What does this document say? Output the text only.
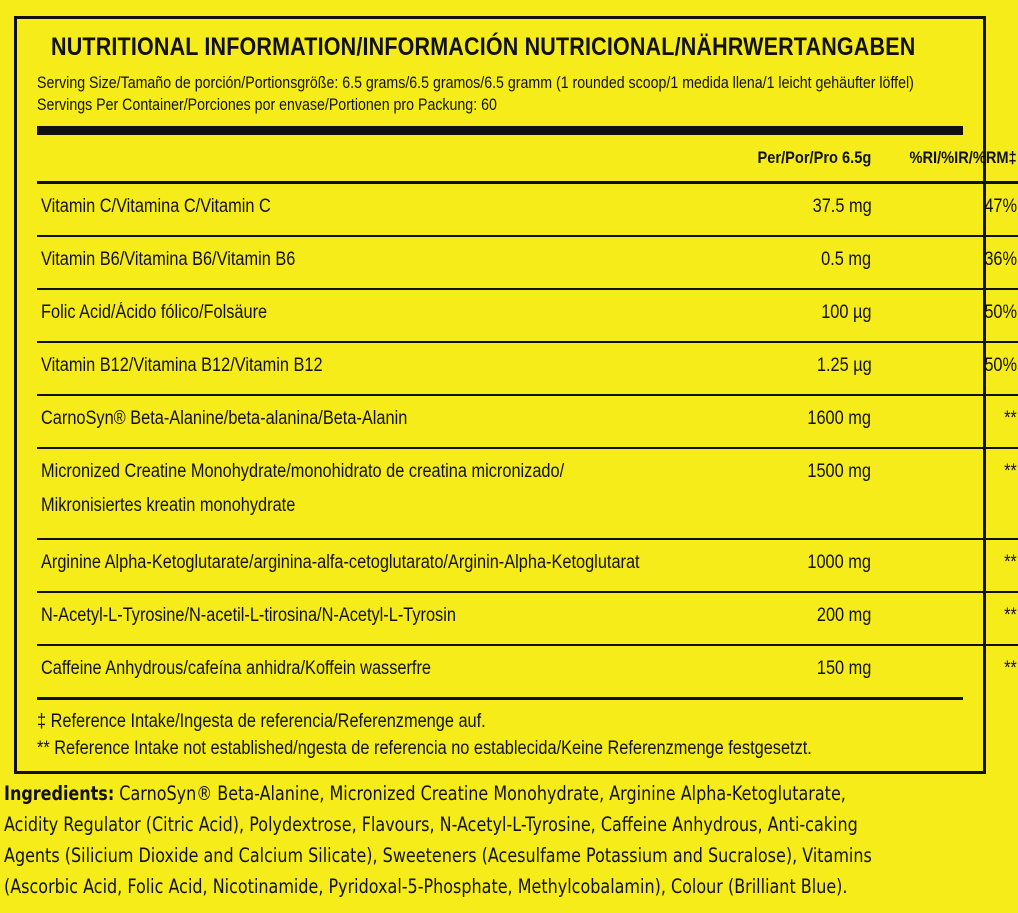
NUTRITIONAL INFORMATION/INFORMACIÓN NUTRICIONAL/NÄHRWERTANGABEN
Serving Size/Tamaño de porción/Portionsgröße: 6.5 grams/6.5 gramos/6.5 gramm (1 rounded scoop/1 medida llena/1 leicht gehäufter löffel)
Servings Per Container/Porciones por envase/Portionen pro Packung: 60
	Per/Por/Pro 6.5g	%RI/%IR/%RM‡
Vitamin C/Vitamina C/Vitamin C	37.5 mg	47%
Vitamin B6/Vitamina B6/Vitamin B6	0.5 mg	36%
Folic Acid/Ácido fólico/Folsäure	100 µg	50%
Vitamin B12/Vitamina B12/Vitamin B12	1.25 µg	50%
CarnoSyn® Beta-Alanine/beta-alanina/Beta-Alanin	1600 mg	**
Micronized Creatine Monohydrate/monohidrato de creatina micronizado/
Mikronisiertes kreatin monohydrate	1500 mg	**
Arginine Alpha-Ketoglutarate/arginina-alfa-cetoglutarato/Arginin-Alpha-Ketoglutarat	1000 mg	**
N-Acetyl-L-Tyrosine/N-acetil-L-tirosina/N-Acetyl-L-Tyrosin	200 mg	**
Caffeine Anhydrous/cafeína anhidra/Koffein wasserfre	150 mg	**
‡ Reference Intake/Ingesta de referencia/Referenzmenge auf.
** Reference Intake not established/ngesta de referencia no establecida/Keine Referenzmenge festgesetzt.
Ingredients: CarnoSyn® Beta-Alanine, Micronized Creatine Monohydrate, Arginine Alpha-Ketoglutarate,
Acidity Regulator (Citric Acid), Polydextrose, Flavours, N-Acetyl-L-Tyrosine, Caffeine Anhydrous, Anti-caking
Agents (Silicium Dioxide and Calcium Silicate), Sweeteners (Acesulfame Potassium and Sucralose), Vitamins
(Ascorbic Acid, Folic Acid, Nicotinamide, Pyridoxal-5-Phosphate, Methylcobalamin), Colour (Brilliant Blue).
